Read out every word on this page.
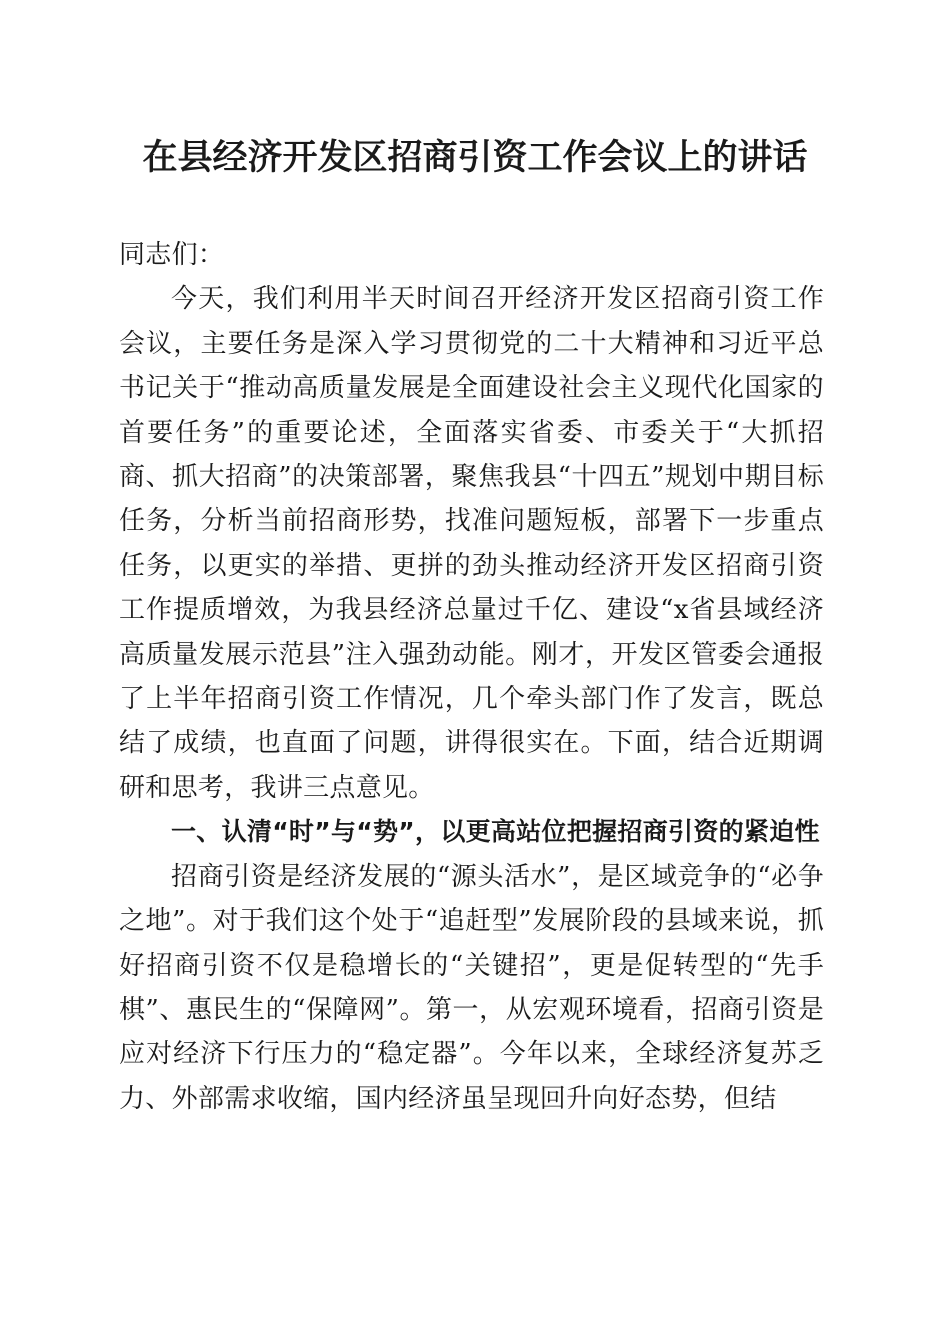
在县经济开发区招商引资工作会议上的讲话

同志们：

今天，我们利用半天时间召开经济开发区招商引资工作会议，主要任务是深入学习贯彻党的二十大精神和习近平总书记关于“推动高质量发展是全面建设社会主义现代化国家的首要任务”的重要论述，全面落实省委、市委关于“大抓招商、抓大招商”的决策部署，聚焦我县“十四五”规划中期目标任务，分析当前招商形势，找准问题短板，部署下一步重点任务，以更实的举措、更拼的劲头推动经济开发区招商引资工作提质增效，为我县经济总量过千亿、建设“x省县域经济高质量发展示范县”注入强劲动能。刚才，开发区管委会通报了上半年招商引资工作情况，几个牵头部门作了发言，既总结了成绩，也直面了问题，讲得很实在。下面，结合近期调研和思考，我讲三点意见。

一、认清“时”与“势”，以更高站位把握招商引资的紧迫性

招商引资是经济发展的“源头活水”，是区域竞争的“必争之地”。对于我们这个处于“追赶型”发展阶段的县域来说，抓好招商引资不仅是稳增长的“关键招”，更是促转型的“先手棋”、惠民生的“保障网”。第一，从宏观环境看，招商引资是应对经济下行压力的“稳定器”。今年以来，全球经济复苏乏力、外部需求收缩，国内经济虽呈现回升向好态势，但结
